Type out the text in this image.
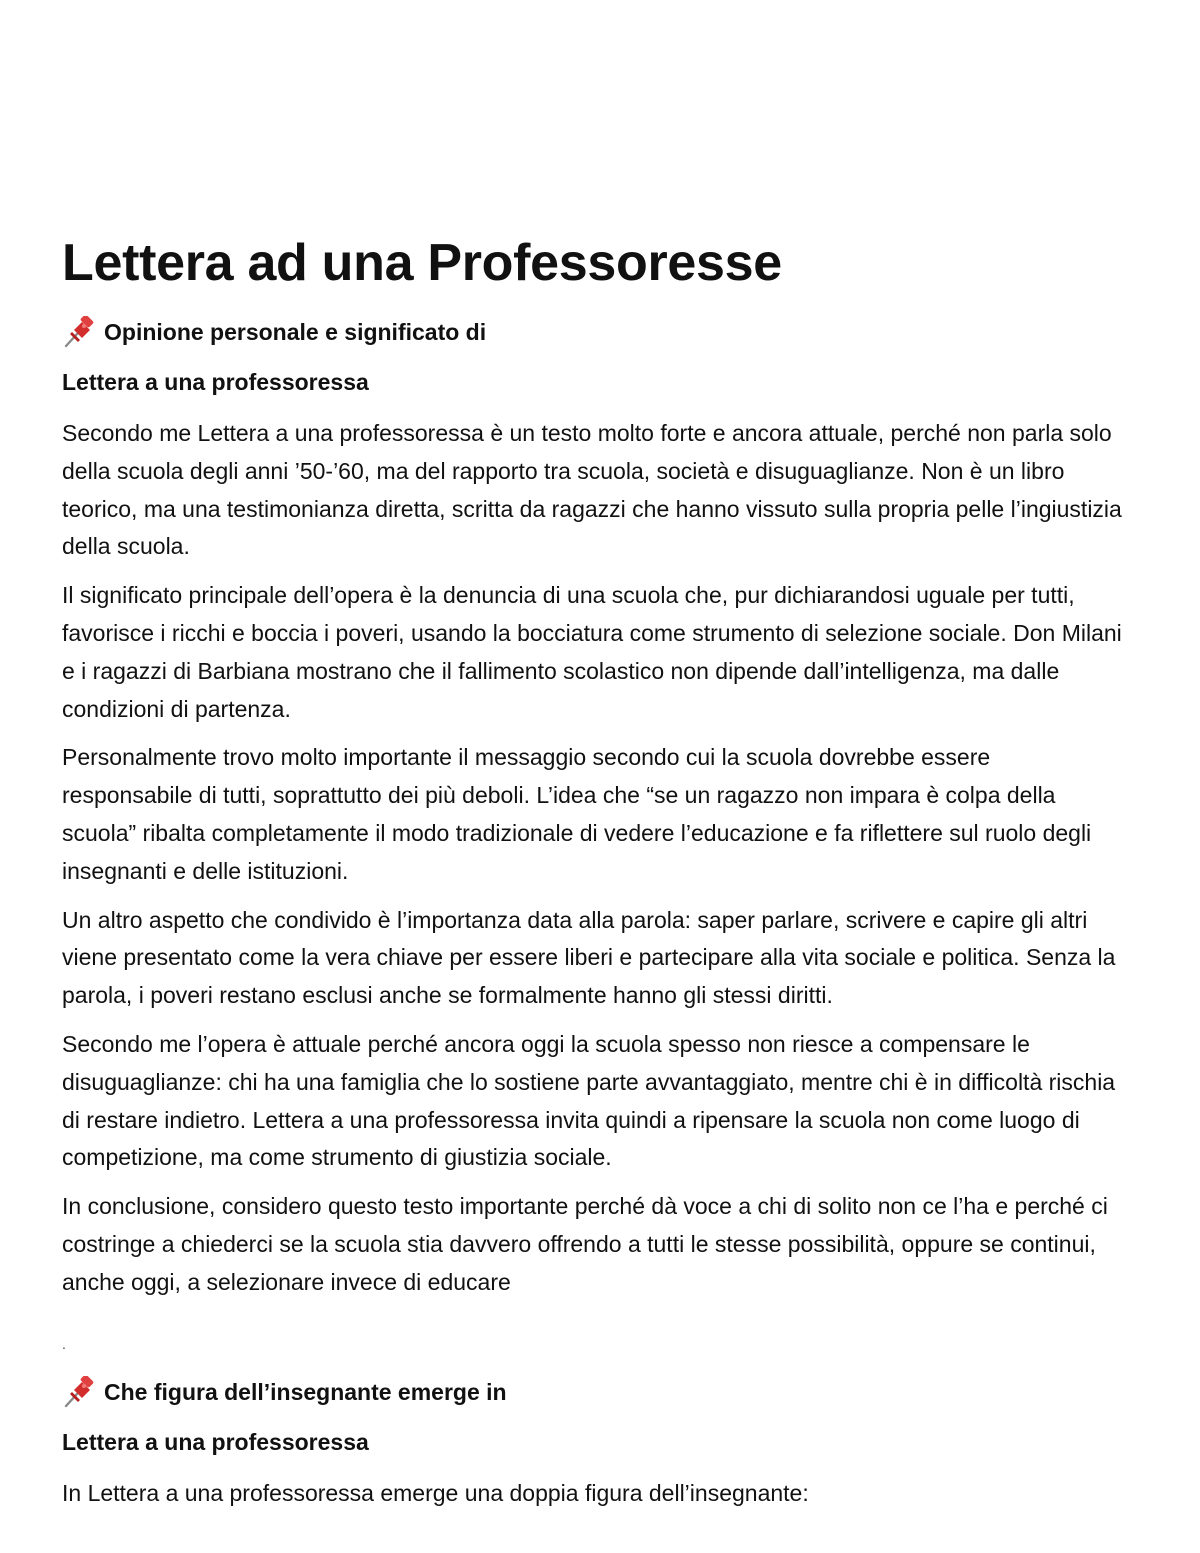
Lettera ad una Professoresse
Opinione personale e significato di
Lettera a una professoressa

Secondo me Lettera a una professoressa è un testo molto forte e ancora attuale, perché non parla solo della scuola degli anni ’50-’60, ma del rapporto tra scuola, società e disuguaglianze. Non è un libro teorico, ma una testimonianza diretta, scritta da ragazzi che hanno vissuto sulla propria pelle l’ingiustizia della scuola.

Il significato principale dell’opera è la denuncia di una scuola che, pur dichiarandosi uguale per tutti, favorisce i ricchi e boccia i poveri, usando la bocciatura come strumento di selezione sociale. Don Milani e i ragazzi di Barbiana mostrano che il fallimento scolastico non dipende dall’intelligenza, ma dalle condizioni di partenza.

Personalmente trovo molto importante il messaggio secondo cui la scuola dovrebbe essere responsabile di tutti, soprattutto dei più deboli. L’idea che “se un ragazzo non impara è colpa della scuola” ribalta completamente il modo tradizionale di vedere l’educazione e fa riflettere sul ruolo degli insegnanti e delle istituzioni.

Un altro aspetto che condivido è l’importanza data alla parola: saper parlare, scrivere e capire gli altri viene presentato come la vera chiave per essere liberi e partecipare alla vita sociale e politica. Senza la parola, i poveri restano esclusi anche se formalmente hanno gli stessi diritti.

Secondo me l’opera è attuale perché ancora oggi la scuola spesso non riesce a compensare le disuguaglianze: chi ha una famiglia che lo sostiene parte avvantaggiato, mentre chi è in difficoltà rischia di restare indietro. Lettera a una professoressa invita quindi a ripensare la scuola non come luogo di competizione, ma come strumento di giustizia sociale.

In conclusione, considero questo testo importante perché dà voce a chi di solito non ce l’ha e perché ci costringe a chiederci se la scuola stia davvero offrendo a tutti le stesse possibilità, oppure se continui, anche oggi, a selezionare invece di educare

.
Che figura dell’insegnante emerge in
Lettera a una professoressa

In Lettera a una professoressa emerge una doppia figura dell’insegnante:
